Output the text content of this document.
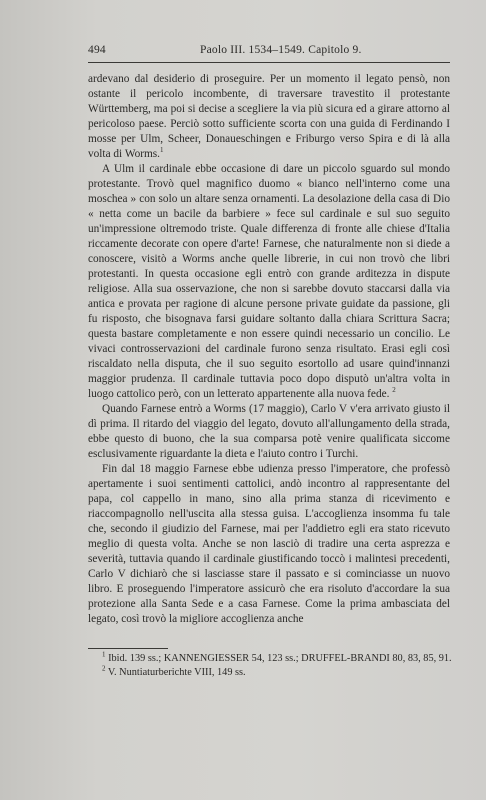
494	Paolo III. 1534–1549. Capitolo 9.

ardevano dal desiderio di proseguire. Per un momento il legato pensò, non ostante il pericolo incombente, di traversare travestito il protestante Württemberg, ma poi si decise a scegliere la via più sicura ed a girare attorno al pericoloso paese. Perciò sotto sufficiente scorta con una guida di Ferdinando I mosse per Ulm, Scheer, Donaueschingen e Friburgo verso Spira e di là alla volta di Worms.$^1$

A Ulm il cardinale ebbe occasione di dare un piccolo sguardo sul mondo protestante. Trovò quel magnifico duomo « bianco nell'interno come una moschea » con solo un altare senza ornamenti. La desolazione della casa di Dio « netta come un bacile da barbiere » fece sul cardinale e sul suo seguito un'impressione oltremodo triste. Quale differenza di fronte alle chiese d'Italia riccamente decorate con opere d'arte! Farnese, che naturalmente non si diede a conoscere, visitò a Worms anche quelle librerie, in cui non trovò che libri protestanti. In questa occasione egli entrò con grande arditezza in dispute religiose. Alla sua osservazione, che non si sarebbe dovuto staccarsi dalla via antica e provata per ragione di alcune persone private guidate da passione, gli fu risposto, che bisognava farsi guidare soltanto dalla chiara Scrittura Sacra; questa bastare completamente e non essere quindi necessario un concilio. Le vivaci controsservazioni del cardinale furono senza risultato. Erasi egli così riscaldato nella disputa, che il suo seguito esortollo ad usare quind'innanzi maggior prudenza. Il cardinale tuttavia poco dopo disputò un'altra volta in luogo cattolico però, con un letterato appartenente alla nuova fede. $^2$

Quando Farnese entrò a Worms (17 maggio), Carlo V v'era arrivato giusto il dì prima. Il ritardo del viaggio del legato, dovuto all'allungamento della strada, ebbe questo di buono, che la sua comparsa potè venire qualificata siccome esclusivamente riguardante la dieta e l'aiuto contro i Turchi.

Fin dal 18 maggio Farnese ebbe udienza presso l'imperatore, che professò apertamente i suoi sentimenti cattolici, andò incontro al rappresentante del papa, col cappello in mano, sino alla prima stanza di ricevimento e riaccompagnollo nell'uscita alla stessa guisa. L'accoglienza insomma fu tale che, secondo il giudizio del Farnese, mai per l'addietro egli era stato ricevuto meglio di questa volta. Anche se non lasciò di tradire una certa asprezza e severità, tuttavia quando il cardinale giustificando toccò i malintesi precedenti, Carlo V dichiarò che si lasciasse stare il passato e si cominciasse un nuovo libro. E proseguendo l'imperatore assicurò che era risoluto d'accordare la sua protezione alla Santa Sede e a casa Farnese. Come la prima ambasciata del legato, così trovò la migliore accoglienza anche

$^1$ Ibid. 139 ss.; KANNENGIESSER 54, 123 ss.; DRUFFEL-BRANDI 80, 83, 85, 91.
$^2$ V. Nuntiaturberichte VIII, 149 ss.
